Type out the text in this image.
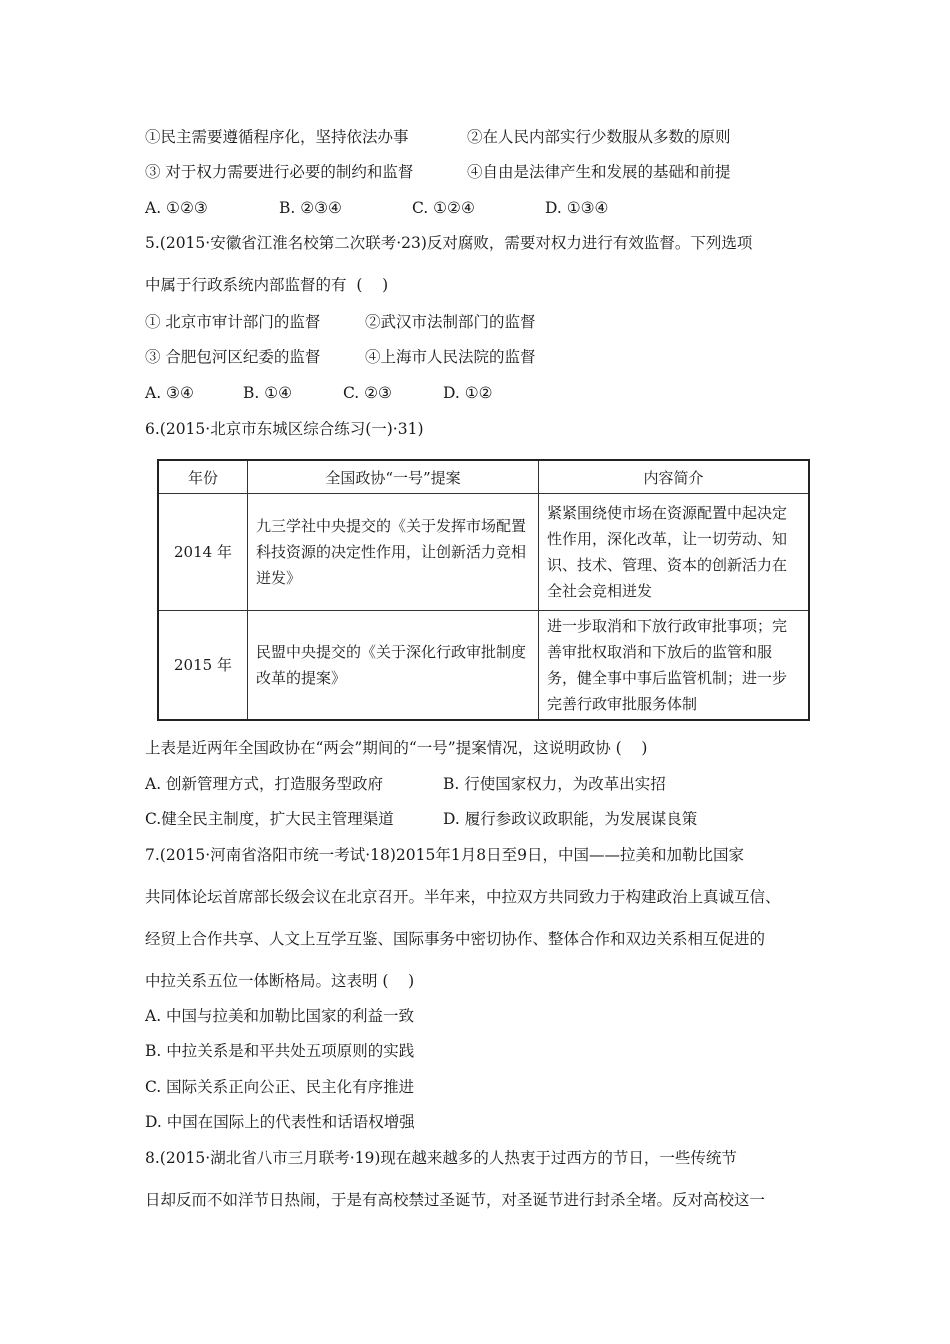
①民主需要遵循程序化，坚持依法办事	②在人民内部实行少数服从多数的原则
③ 对于权力需要进行必要的制约和监督	④自由是法律产生和发展的基础和前提
A. ①②③	B. ②③④	C. ①②④	D. ①③④
5.(2015·安徽省江淮名校第二次联考·23)反对腐败，需要对权力进行有效监督。下列选项
中属于行政系统内部监督的有  (    )
① 北京市审计部门的监督	②武汉市法制部门的监督
③ 合肥包河区纪委的监督	④上海市人民法院的监督
A. ③④	B. ①④	C. ②③	D. ①②
6.(2015·北京市东城区综合练习(一)·31)
年份	全国政协“一号”提案	内容简介
2014 年	九三学社中央提交的《关于发挥市场配置科技资源的决定性作用，让创新活力竞相迸发》	紧紧围绕使市场在资源配置中起决定性作用，深化改革，让一切劳动、知识、技术、管理、资本的创新活力在全社会竞相迸发
2015 年	民盟中央提交的《关于深化行政审批制度改革的提案》	进一步取消和下放行政审批事项；完善审批权取消和下放后的监管和服务，健全事中事后监管机制；进一步完善行政审批服务体制
上表是近两年全国政协在“两会”期间的“一号”提案情况，这说明政协 (    )
A. 创新管理方式，打造服务型政府	B. 行使国家权力，为改革出实招
C.健全民主制度，扩大民主管理渠道	D. 履行参政议政职能，为发展谋良策
7.(2015·河南省洛阳市统一考试·18)2015年1月8日至9日，中国——拉美和加勒比国家
共同体论坛首席部长级会议在北京召开。半年来，中拉双方共同致力于构建政治上真诚互信、
经贸上合作共享、人文上互学互鉴、国际事务中密切协作、整体合作和双边关系相互促进的
中拉关系五位一体断格局。这表明 (    )
A. 中国与拉美和加勒比国家的利益一致
B. 中拉关系是和平共处五项原则的实践
C. 国际关系正向公正、民主化有序推进
D. 中国在国际上的代表性和话语权增强
8.(2015·湖北省八市三月联考·19)现在越来越多的人热衷于过西方的节日，一些传统节
日却反而不如洋节日热闹，于是有高校禁过圣诞节，对圣诞节进行封杀全堵。反对高校这一
